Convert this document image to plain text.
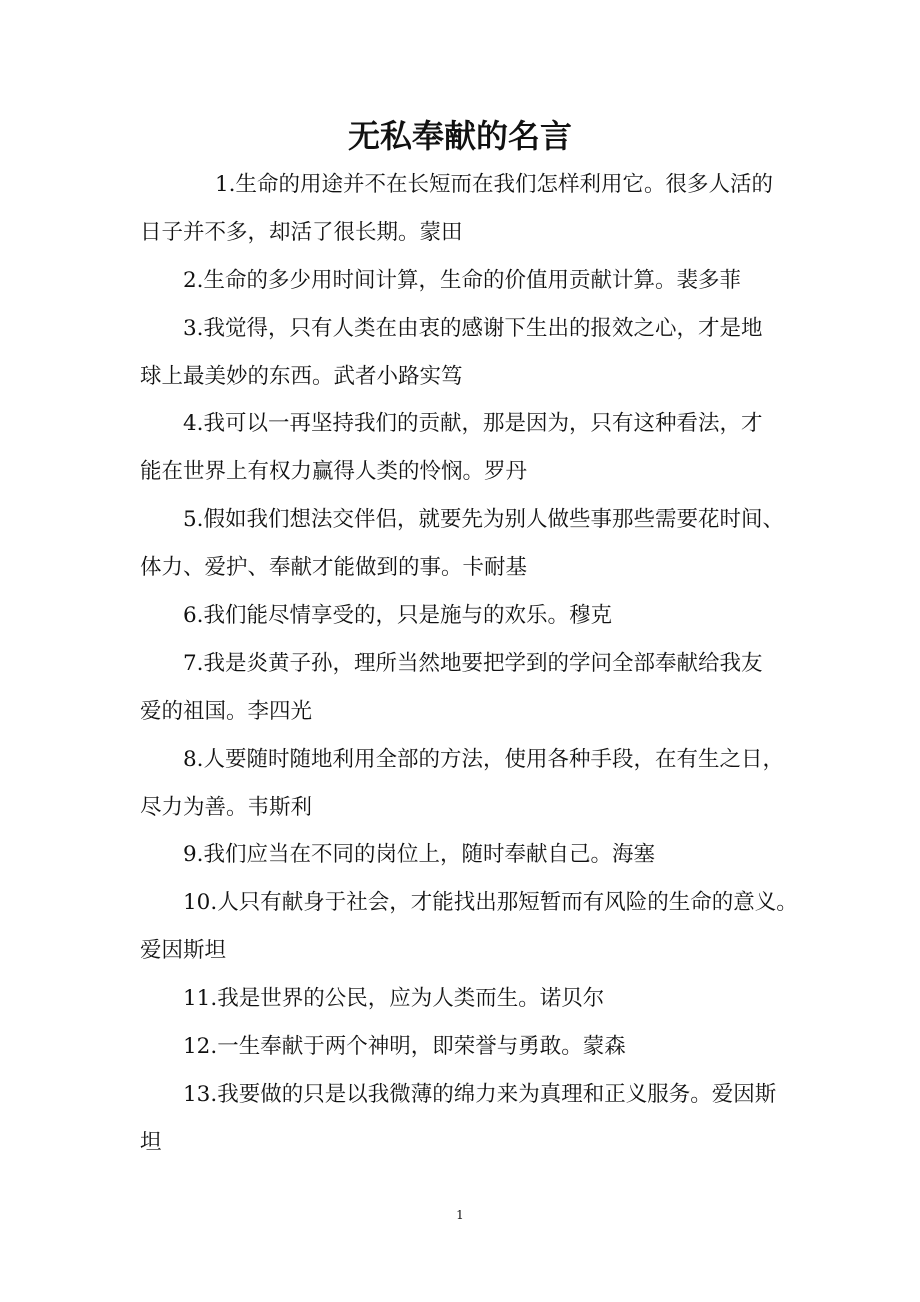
无私奉献的名言
1.生命的用途并不在长短而在我们怎样利用它。很多人活的
日子并不多，却活了很长期。蒙田
2.生命的多少用时间计算，生命的价值用贡献计算。裴多菲
3.我觉得，只有人类在由衷的感谢下生出的报效之心，才是地
球上最美妙的东西。武者小路实笃
4.我可以一再坚持我们的贡献，那是因为，只有这种看法，才
能在世界上有权力赢得人类的怜悯。罗丹
5.假如我们想法交伴侣，就要先为别人做些事那些需要花时间、
体力、爱护、奉献才能做到的事。卡耐基
6.我们能尽情享受的，只是施与的欢乐。穆克
7.我是炎黄子孙，理所当然地要把学到的学问全部奉献给我友
爱的祖国。李四光
8.人要随时随地利用全部的方法，使用各种手段，在有生之日，
尽力为善。韦斯利
9.我们应当在不同的岗位上，随时奉献自己。海塞
10.人只有献身于社会，才能找出那短暂而有风险的生命的意义。
爱因斯坦
11.我是世界的公民，应为人类而生。诺贝尔
12.一生奉献于两个神明，即荣誉与勇敢。蒙森
13.我要做的只是以我微薄的绵力来为真理和正义服务。爱因斯
坦
1
